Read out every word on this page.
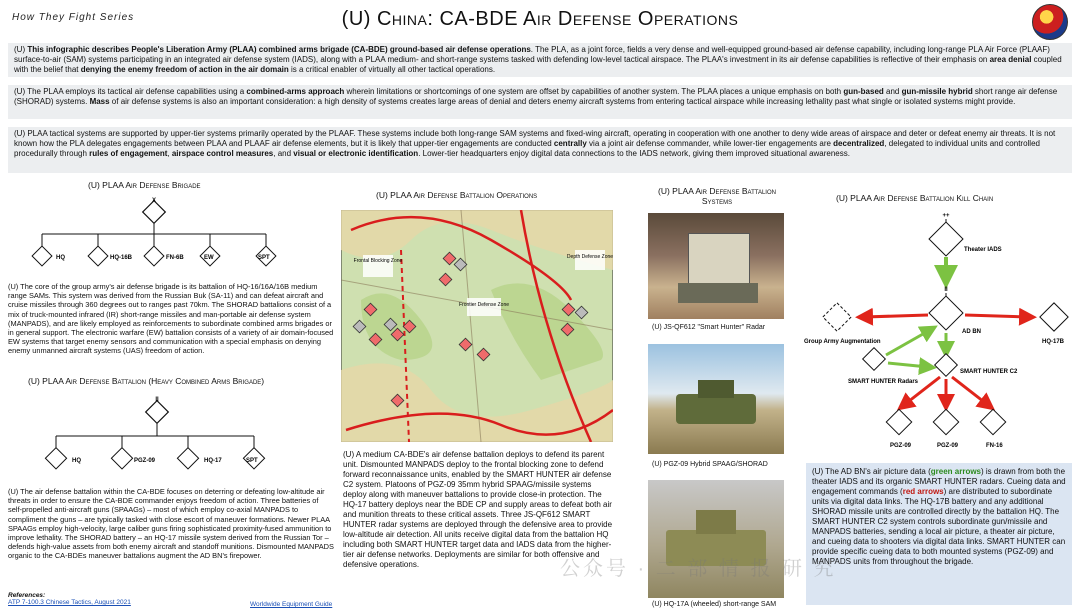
How They Fight Series	(U) China: CA-BDE Air Defense Operations
(U) This infographic describes People's Liberation Army (PLAA) combined arms brigade (CA-BDE) ground-based air defense operations. The PLA, as a joint force, fields a very dense and well-equipped ground-based air defense capability, including long-range PLA Air Force (PLAAF) surface-to-air (SAM) systems participating in an integrated air defense system (IADS), along with a PLAA medium- and short-range systems tasked with defending low-level tactical airspace. The PLAA's investment in its air defense capabilities is reflective of their emphasis on area denial coupled with the belief that denying the enemy freedom of action in the air domain is a critical enabler of virtually all other tactical operations.
(U) The PLAA employs its tactical air defense capabilities using a combined-arms approach wherein limitations or shortcomings of one system are offset by capabilities of another system. The PLAA places a unique emphasis on both gun-based and gun-missile hybrid short range air defense (SHORAD) systems. Mass of air defense systems is also an important consideration: a high density of systems creates large areas of denial and deters enemy aircraft systems from entering tactical airspace while increasing lethality past what single or isolated systems might provide.
(U) PLAA tactical systems are supported by upper-tier systems primarily operated by the PLAAF. These systems include both long-range SAM systems and fixed-wing aircraft, operating in cooperation with one another to deny wide areas of airspace and deter or defeat enemy air threats. It is not known how the PLA delegates engagements between PLAA and PLAAF air defense elements, but it is likely that upper-tier engagements are conducted centrally via a joint air defense commander, while lower-tier engagements are decentralized, delegated to individual units and controlled procedurally through rules of engagement, airspace control measures, and visual or electronic identification. Lower-tier headquarters enjoy digital data connections to the IADS network, giving them improved situational awareness.
(U) PLAA Air Defense Brigade
X
HQ	HQ-16B	FN-6B	EW	SPT
(U) The core of the group army's air defense brigade is its battalion of HQ-16/16A/16B medium range SAMs. This system was derived from the Russian Buk (SA-11) and can defeat aircraft and cruise missiles through 360 degrees out to ranges past 70km. The SHORAD battalions consist of a mix of truck-mounted infrared (IR) short-range missiles and man-portable air defense system (MANPADS), and are likely employed as reinforcements to subordinate combined arms brigades or in general support. The electronic warfare (EW) battalion consists of a variety of air domain-focused EW systems that target enemy sensors and communication with a special emphasis on denying enemy unmanned aircraft systems (UAS) freedom of action.
(U) PLAA Air Defense Battalion (Heavy Combined Arms Brigade)
II
HQ	PGZ-09	HQ-17	SPT
(U) The air defense battalion within the CA-BDE focuses on deterring or defeating low-altitude air threats in order to ensure the CA-BDE commander enjoys freedom of action. Three batteries of self-propelled anti-aircraft guns (SPAAGs) – most of which employ co-axial MANPADS to compliment the guns – are typically tasked with close escort of maneuver formations. Newer PLAA SPAAGs employ high-velocity, large caliber guns firing sophisticated proximity-fused ammunition to improve lethality. The SHORAD battery – an HQ-17 missile system derived from the Russian Tor – defends high-value assets from both enemy aircraft and standoff munitions. Dismounted MANPADS organic to the CA-BDEs maneuver battalions augment the AD BN's firepower.
References:
ATP 7-100.3 Chinese Tactics, August 2021	Worldwide Equipment Guide
(U) PLAA Air Defense Battalion Operations
Frontal Blocking Zone
Frontier Defense Zone
Depth Defense Zone
(U) A medium CA-BDE's air defense battalion deploys to defend its parent unit. Dismounted MANPADS deploy to the frontal blocking zone to defend forward reconnaissance units, enabled by the SMART HUNTER air defense C2 system. Platoons of PGZ-09 35mm hybrid SPAAG/missile systems deploy along with maneuver battalions to provide close-in protection. The HQ-17 battery deploys near the BDE CP and supply areas to defeat both air and munition threats to these critical assets. Three JS-QF612 SMART HUNTER radar systems are deployed through the defensive area to provide low-altitude air detection. All units receive digital data from the battalion HQ including both SMART HUNTER target data and IADS data from the higher-tier air defense networks. Deployments are similar for both offensive and defensive operations.
(U) PLAA Air Defense Battalion Systems
(U) JS-QF612 "Smart Hunter" Radar
(U) PGZ-09 Hybrid SPAAG/SHORAD
(U) HQ-17A (wheeled) short-range SAM
(U) PLAA Air Defense Battalion Kill Chain
++
Theater IADS
II
AD BN
Group Army Augmentation	HQ-17B
SMART HUNTER Radars
SMART HUNTER C2
PGZ-09	PGZ-09	FN-16
(U) The AD BN's air picture data (green arrows) is drawn from both the theater IADS and its organic SMART HUNTER radars. Cueing data and engagement commands (red arrows) are distributed to subordinate units via digital data links. The HQ-17B battery and any additional SHORAD missile units are controlled directly by the battalion HQ. The SMART HUNTER C2 system controls subordinate gun/missile and MANPADS batteries, sending a local air picture, a theater air picture, and cueing data to shooters via digital data links. SMART HUNTER can provide specific cueing data to both mounted systems (PGZ-09) and MANPADS units from throughout the brigade.
公众号 · 二 部 情 报 研 究
